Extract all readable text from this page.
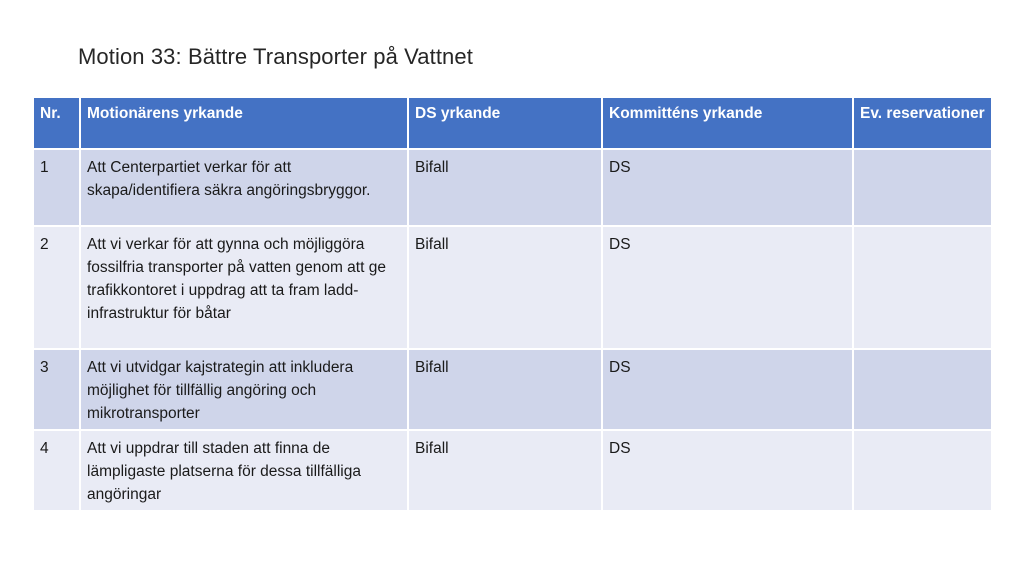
Motion 33: Bättre Transporter på Vattnet
Nr.	Motionärens yrkande	DS yrkande	Kommitténs yrkande	Ev. reservationer
1	Att Centerpartiet verkar för att skapa/identifiera säkra angöringsbryggor.	Bifall	DS	
2	Att vi verkar för att gynna och möjliggöra fossilfria transporter på vatten genom att ge trafikkontoret i uppdrag att ta fram ladd-infrastruktur för båtar	Bifall	DS	
3	Att vi utvidgar kajstrategin att inkludera möjlighet för tillfällig angöring och mikrotransporter	Bifall	DS	
4	Att vi uppdrar till staden att finna de lämpligaste platserna för dessa tillfälliga angöringar	Bifall	DS	
